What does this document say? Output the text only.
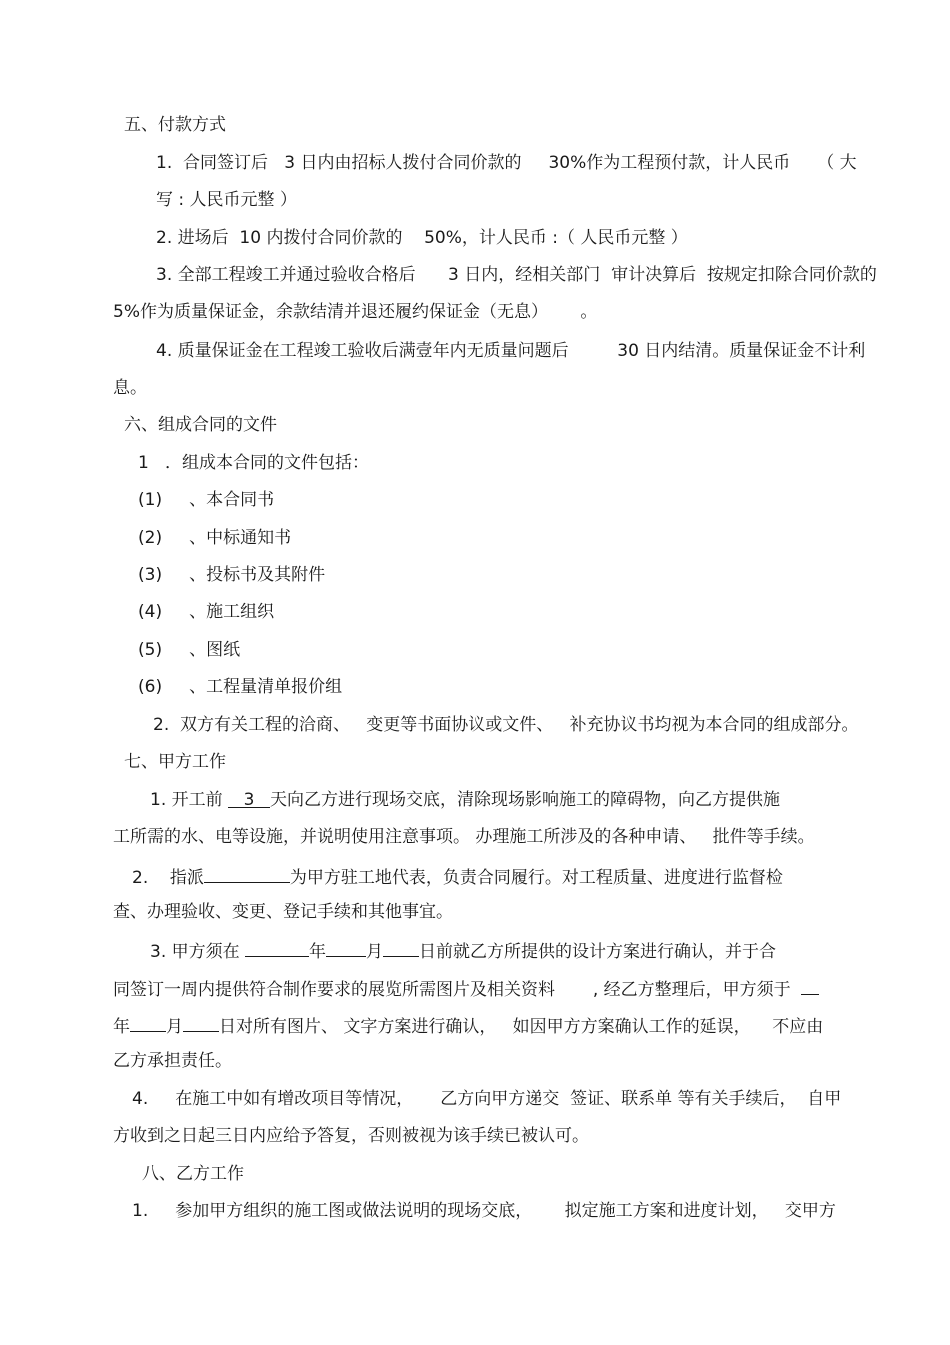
五、付款方式
1.  合同签订后   3 日内由招标人拨付合同价款的     30%作为工程预付款，计人民币     （ 大
写 : 人民币元整 ）
2. 进场后  10 内拨付合同价款的    50%，计人民币 :（ 人民币元整 ）
3. 全部工程竣工并通过验收合格后      3 日内，经相关部门  审计决算后  按规定扣除合同价款的
5%作为质量保证金，余款结清并退还履约保证金（无息）      。
4. 质量保证金在工程竣工验收后满壹年内无质量问题后         30 日内结清。质量保证金不计利
息。
六、组成合同的文件
1   ．组成本合同的文件包括：
(1)     、本合同书
(2)     、中标通知书
(3)     、投标书及其附件
(4)     、施工组织
(5)     、图纸
(6)     、工程量清单报价组
2.  双方有关工程的洽商、   变更等书面协议或文件、   补充协议书均视为本合同的组成部分。
七、甲方工作
1. 开工前 3 天向乙方进行现场交底，清除现场影响施工的障碍物，向乙方提供施
工所需的水、电等设施，并说明使用注意事项。 办理施工所涉及的各种申请、   批件等手续。
2. 指派	为甲方驻工地代表，负责合同履行。对工程质量、进度进行监督检
查、办理验收、变更、登记手续和其他事宜。
3. 甲方须在	年 月 日前就乙方所提供的设计方案进行确认，并于合
同签订一周内提供符合制作要求的展览所需图片及相关资料       , 经乙方整理后，甲方须于
年 月 日对所有图片、 文字方案进行确认，   如因甲方方案确认工作的延误，    不应由
乙方承担责任。
4.     在施工中如有增改项目等情况，     乙方向甲方递交  签证、联系单 等有关手续后，  自甲
方收到之日起三日内应给予答复，否则被视为该手续已被认可。
八、乙方工作
1.     参加甲方组织的施工图或做法说明的现场交底，      拟定施工方案和进度计划，   交甲方
